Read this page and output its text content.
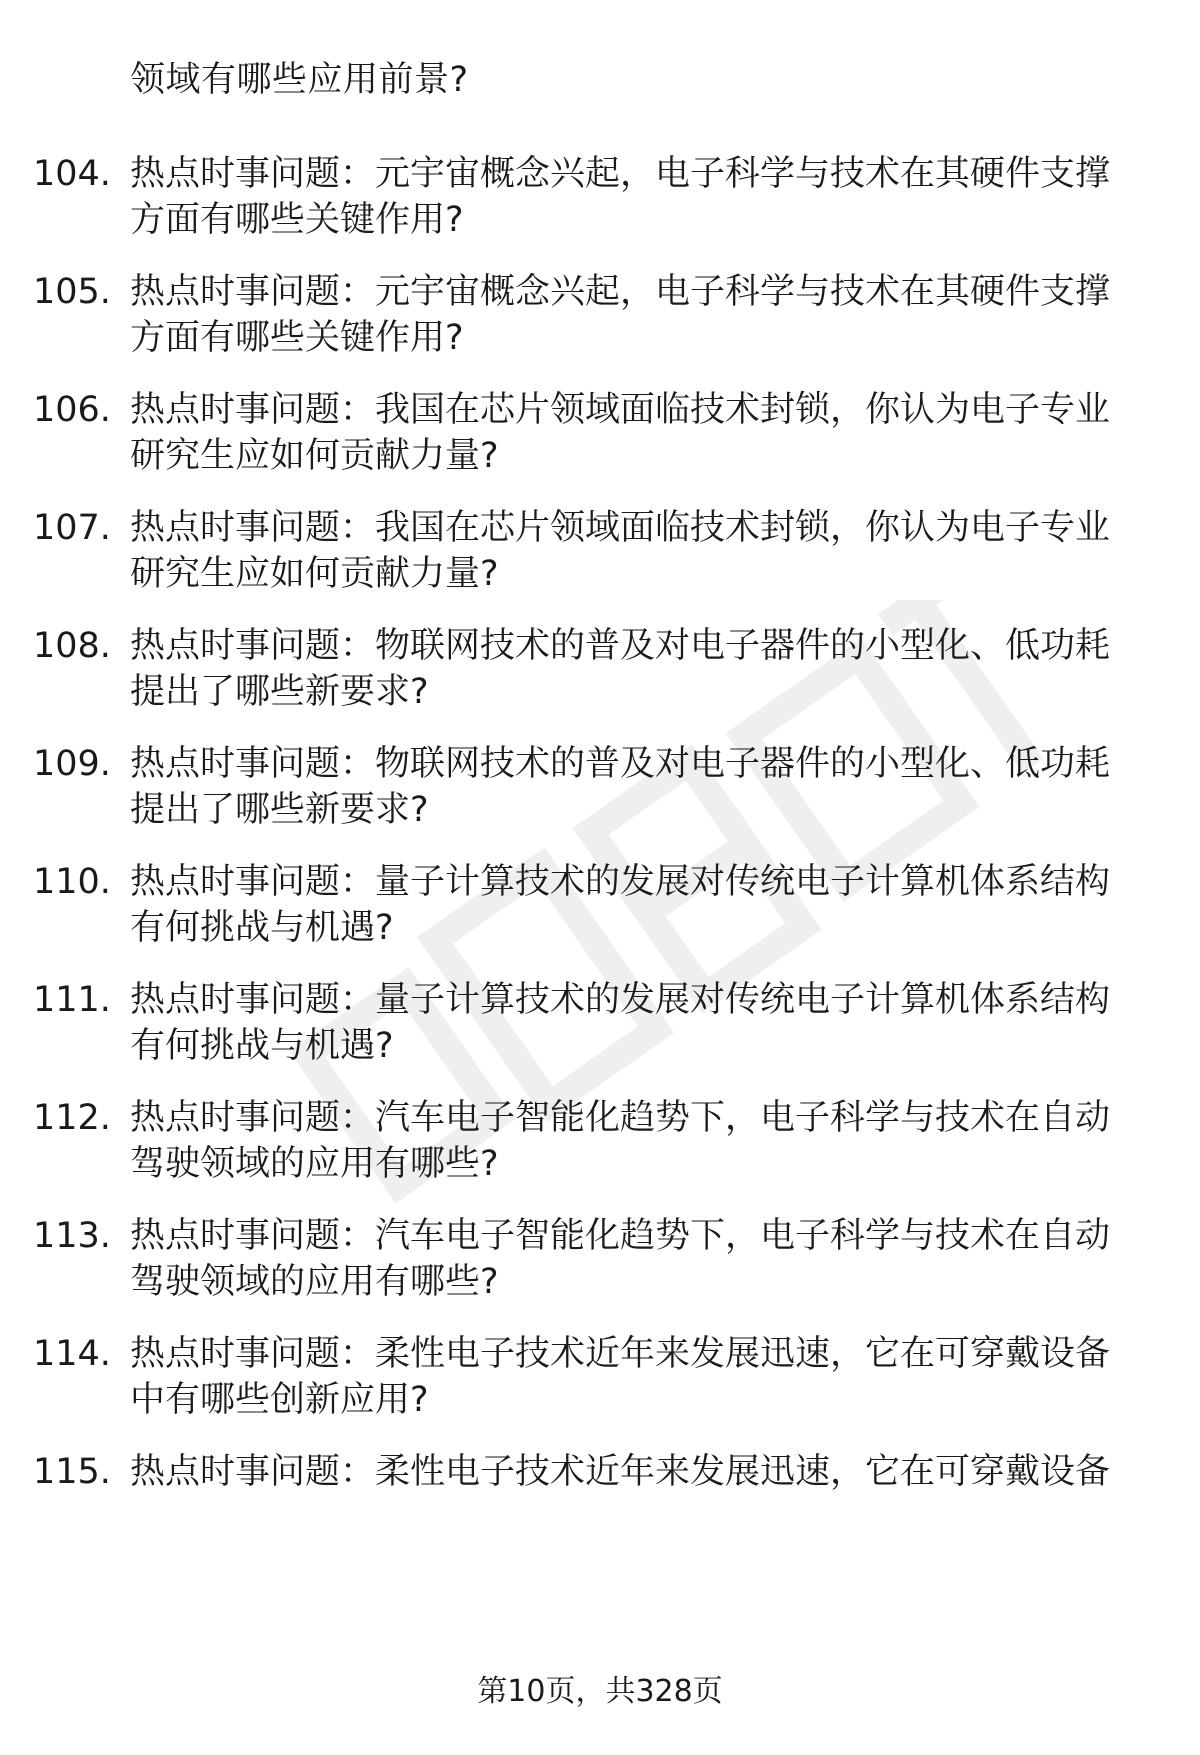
领域有哪些应用前景?
104. 热点时事问题：元宇宙概念兴起，电子科学与技术在其硬件支撑
方面有哪些关键作用?
105. 热点时事问题：元宇宙概念兴起，电子科学与技术在其硬件支撑
方面有哪些关键作用?
106. 热点时事问题：我国在芯片领域面临技术封锁，你认为电子专业
研究生应如何贡献力量?
107. 热点时事问题：我国在芯片领域面临技术封锁，你认为电子专业
研究生应如何贡献力量?
108. 热点时事问题：物联网技术的普及对电子器件的小型化、低功耗
提出了哪些新要求?
109. 热点时事问题：物联网技术的普及对电子器件的小型化、低功耗
提出了哪些新要求?
110. 热点时事问题：量子计算技术的发展对传统电子计算机体系结构
有何挑战与机遇?
111. 热点时事问题：量子计算技术的发展对传统电子计算机体系结构
有何挑战与机遇?
112. 热点时事问题：汽车电子智能化趋势下，电子科学与技术在自动
驾驶领域的应用有哪些?
113. 热点时事问题：汽车电子智能化趋势下，电子科学与技术在自动
驾驶领域的应用有哪些?
114. 热点时事问题：柔性电子技术近年来发展迅速，它在可穿戴设备
中有哪些创新应用?
115. 热点时事问题：柔性电子技术近年来发展迅速，它在可穿戴设备
第10页，共328页
